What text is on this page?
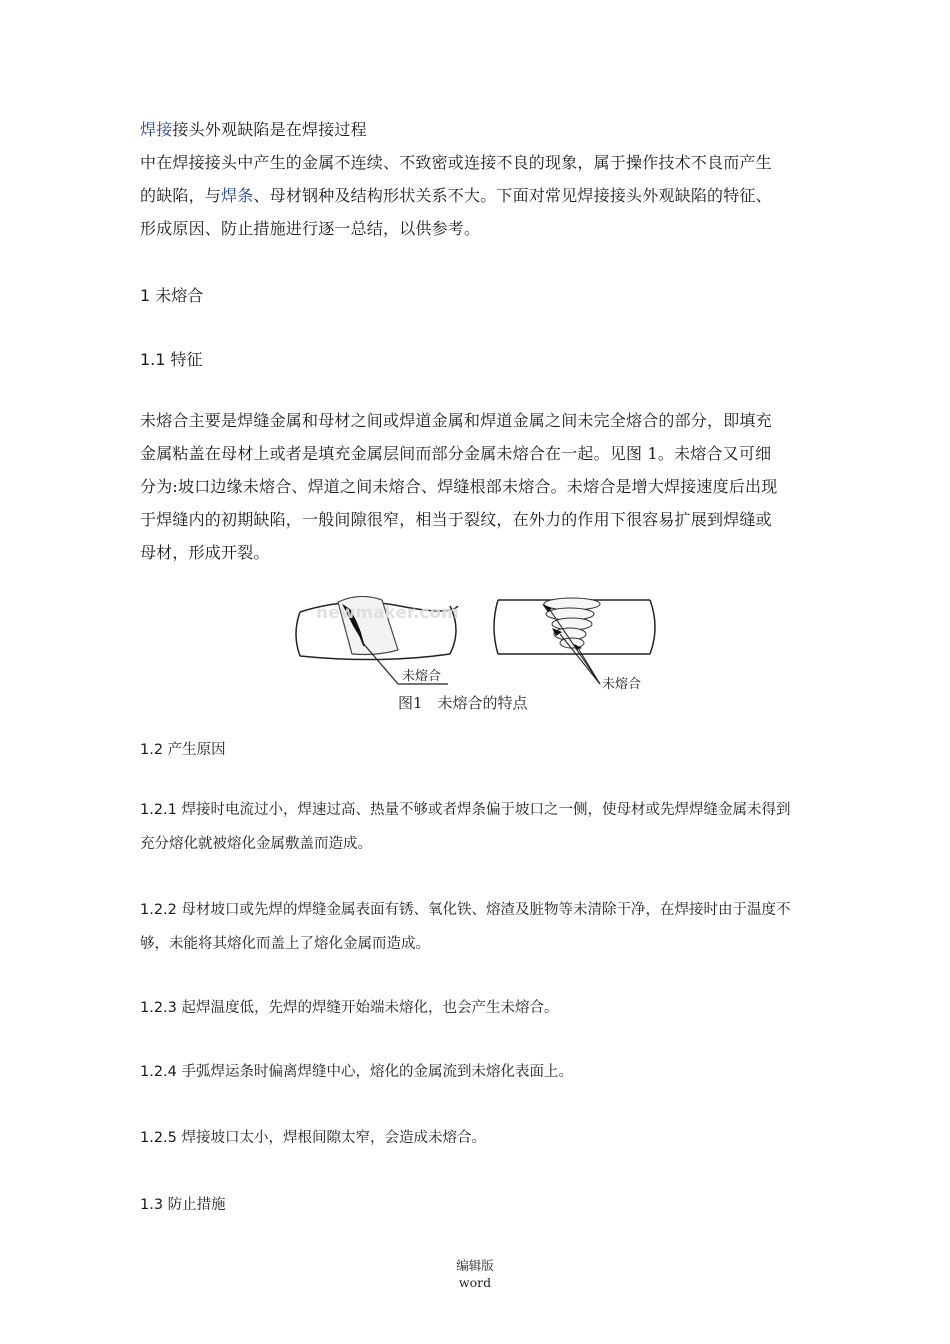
焊接接头外观缺陷是在焊接过程
中在焊接接头中产生的金属不连续、不致密或连接不良的现象，属于操作技术不良而产生
的缺陷，与焊条、母材钢种及结构形状关系不大。下面对常见焊接接头外观缺陷的特征、
形成原因、防止措施进行逐一总结，以供参考。
1 未熔合
1.1 特征
未熔合主要是焊缝金属和母材之间或焊道金属和焊道金属之间未完全熔合的部分，即填充
金属粘盖在母材上或者是填充金属层间而部分金属未熔合在一起。见图 1。未熔合又可细
分为:坡口边缘未熔合、焊道之间未熔合、焊缝根部未熔合。未熔合是增大焊接速度后出现
于焊缝内的初期缺陷，一般间隙很窄，相当于裂纹，在外力的作用下很容易扩展到焊缝或
母材，形成开裂。
newmaker.com
未熔合
未熔合
图1　未熔合的特点
1.2 产生原因
1.2.1 焊接时电流过小，焊速过高、热量不够或者焊条偏于坡口之一侧，使母材或先焊焊缝金属未得到
充分熔化就被熔化金属敷盖而造成。
1.2.2 母材坡口或先焊的焊缝金属表面有锈、氧化铁、熔渣及脏物等未清除干净，在焊接时由于温度不
够，未能将其熔化而盖上了熔化金属而造成。
1.2.3 起焊温度低，先焊的焊缝开始端未熔化，也会产生未熔合。
1.2.4 手弧焊运条时偏离焊缝中心，熔化的金属流到未熔化表面上。
1.2.5 焊接坡口太小，焊根间隙太窄，会造成未熔合。
1.3 防止措施
编辑版
word
